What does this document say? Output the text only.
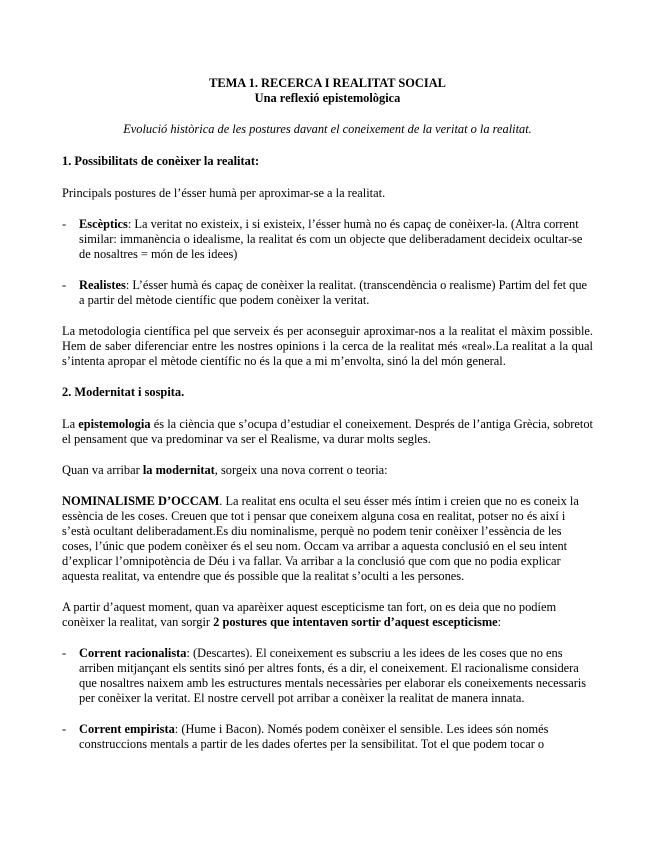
TEMA 1. RECERCA I REALITAT SOCIAL
Una reflexió epistemològica
Evolució històrica de les postures davant el coneixement de la veritat o la realitat.
1. Possibilitats de conèixer la realitat:

Principals postures de l’ésser humà per aproximar-se a la realitat.

- Escèptics: La veritat no existeix, i si existeix, l’ésser humà no és capaç de conèixer-la. (Altra corrent similar: immanència o idealisme, la realitat és com un objecte que deliberadament decideix ocultar-se de nosaltres = món de les idees)
- Realistes: L’ésser humà és capaç de conèixer la realitat. (transcendència o realisme) Partim del fet que a partir del mètode científic que podem conèixer la veritat.

La metodologia científica pel que serveix és per aconseguir aproximar-nos a la realitat el màxim possible. Hem de saber diferenciar entre les nostres opinions i la cerca de la realitat més «real».La realitat a la qual s’intenta apropar el mètode científic no és la que a mi m’envolta, sinó la del món general.

2. Modernitat i sospita.

La epistemologia és la ciència que s’ocupa d’estudiar el coneixement. Després de l’antiga Grècia, sobretot el pensament que va predominar va ser el Realisme, va durar molts segles.

Quan va arribar la modernitat, sorgeix una nova corrent o teoria:

NOMINALISME D’OCCAM. La realitat ens oculta el seu ésser més íntim i creien que no es coneix la essència de les coses. Creuen que tot i pensar que coneixem alguna cosa en realitat, potser no és així i s’està ocultant deliberadament.Es diu nominalisme, perquè no podem tenir conèixer l’essència de les coses, l’únic que podem conèixer és el seu nom. Occam va arribar a aquesta conclusió en el seu intent d’explicar l’omnipotència de Déu i va fallar. Va arribar a la conclusió que com que no podia explicar aquesta realitat, va entendre que és possible que la realitat s’oculti a les persones.

A partir d’aquest moment, quan va aparèixer aquest escepticisme tan fort, on es deia que no podíem conèixer la realitat, van sorgir 2 postures que intentaven sortir d’aquest escepticisme:

- Corrent racionalista: (Descartes). El coneixement es subscriu a les idees de les coses que no ens arriben mitjançant els sentits sinó per altres fonts, és a dir, el coneixement. El racionalisme considera que nosaltres naixem amb les estructures mentals necessàries per elaborar els coneixements necessaris per conèixer la veritat. El nostre cervell pot arribar a conèixer la realitat de manera innata.
- Corrent empirista: (Hume i Bacon). Només podem conèixer el sensible. Les idees són només construccions mentals a partir de les dades ofertes per la sensibilitat. Tot el que podem tocar o
